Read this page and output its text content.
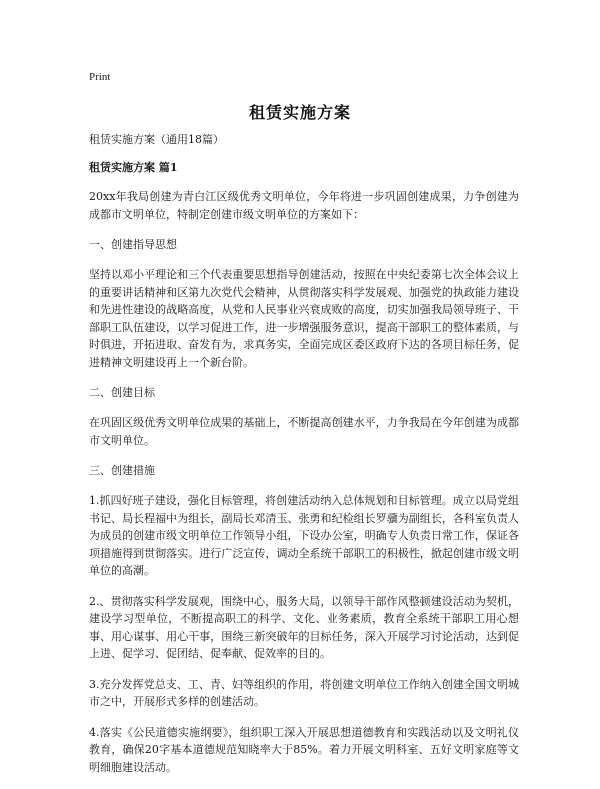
Print
租赁实施方案

租赁实施方案（通用18篇）

租赁实施方案 篇1

20xx年我局创建为青白江区级优秀文明单位，今年将进一步巩固创建成果，力争创建为成都市文明单位，特制定创建市级文明单位的方案如下：

一、创建指导思想

坚持以邓小平理论和三个代表重要思想指导创建活动，按照在中央纪委第七次全体会议上的重要讲话精神和区第九次党代会精神，从贯彻落实科学发展观、加强党的执政能力建设和先进性建设的战略高度，从党和人民事业兴衰成败的高度，切实加强我局领导班子、干部职工队伍建设，以学习促进工作，进一步增强服务意识，提高干部职工的整体素质，与时俱进，开拓进取、奋发有为，求真务实，全面完成区委区政府下达的各项目标任务，促进精神文明建设再上一个新台阶。

二、创建目标

在巩固区级优秀文明单位成果的基础上，不断提高创建水平，力争我局在今年创建为成都市文明单位。

三、创建措施

1.抓四好班子建设，强化目标管理，将创建活动纳入总体规划和目标管理。成立以局党组书记、局长程福中为组长，副局长邓清玉、张勇和纪检组长罗骥为副组长，各科室负责人为成员的创建市级文明单位工作领导小组，下设办公室，明确专人负责日常工作，保证各项措施得到贯彻落实。进行广泛宣传，调动全系统干部职工的积极性，掀起创建市级文明单位的高潮。

2.、贯彻落实科学发展观，围绕中心，服务大局，以领导干部作风整顿建设活动为契机，建设学习型单位，不断提高职工的科学、文化、业务素质，教育全系统干部职工用心想事、用心谋事、用心干事，围绕三新突破年的目标任务，深入开展学习讨论活动，达到促上进、促学习、促团结、促奉献、促效率的目的。

3.充分发挥党总支、工、青、妇等组织的作用，将创建文明单位工作纳入创建全国文明城市之中，开展形式多样的创建活动。

4.落实《公民道德实施纲要》，组织职工深入开展思想道德教育和实践活动以及文明礼仪教育，确保20字基本道德规范知晓率大于85%。着力开展文明科室、五好文明家庭等文明细胞建设活动。
